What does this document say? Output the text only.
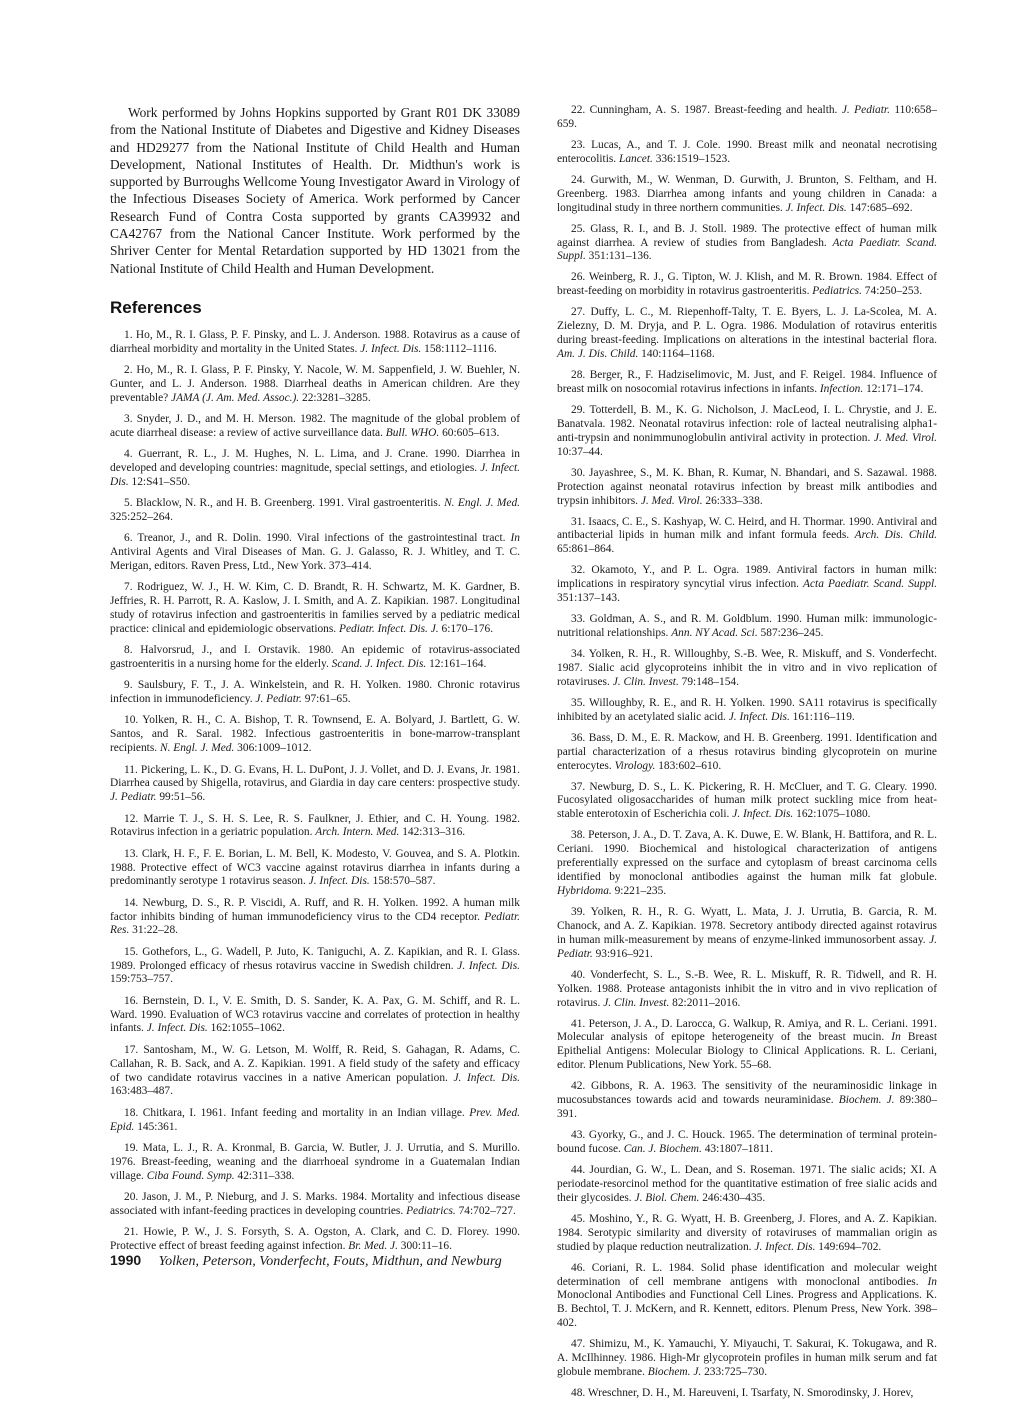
Work performed by Johns Hopkins supported by Grant R01 DK 33089 from the National Institute of Diabetes and Digestive and Kidney Diseases and HD29277 from the National Institute of Child Health and Human Development, National Institutes of Health. Dr. Midthun's work is supported by Burroughs Wellcome Young Investigator Award in Virology of the Infectious Diseases Society of America. Work performed by Cancer Research Fund of Contra Costa supported by grants CA39932 and CA42767 from the National Cancer Institute. Work performed by the Shriver Center for Mental Retardation supported by HD 13021 from the National Institute of Child Health and Human Development.

References

1. Ho, M., R. I. Glass, P. F. Pinsky, and L. J. Anderson. 1988. Rotavirus as a cause of diarrheal morbidity and mortality in the United States. J. Infect. Dis. 158:1112–1116.

2. Ho, M., R. I. Glass, P. F. Pinsky, Y. Nacole, W. M. Sappenfield, J. W. Buehler, N. Gunter, and L. J. Anderson. 1988. Diarrheal deaths in American children. Are they preventable? JAMA (J. Am. Med. Assoc.). 22:3281–3285.

3. Snyder, J. D., and M. H. Merson. 1982. The magnitude of the global problem of acute diarrheal disease: a review of active surveillance data. Bull. WHO. 60:605–613.

4. Guerrant, R. L., J. M. Hughes, N. L. Lima, and J. Crane. 1990. Diarrhea in developed and developing countries: magnitude, special settings, and etiologies. J. Infect. Dis. 12:S41–S50.

5. Blacklow, N. R., and H. B. Greenberg. 1991. Viral gastroenteritis. N. Engl. J. Med. 325:252–264.

6. Treanor, J., and R. Dolin. 1990. Viral infections of the gastrointestinal tract. In Antiviral Agents and Viral Diseases of Man. G. J. Galasso, R. J. Whitley, and T. C. Merigan, editors. Raven Press, Ltd., New York. 373–414.

7. Rodriguez, W. J., H. W. Kim, C. D. Brandt, R. H. Schwartz, M. K. Gardner, B. Jeffries, R. H. Parrott, R. A. Kaslow, J. I. Smith, and A. Z. Kapikian. 1987. Longitudinal study of rotavirus infection and gastroenteritis in families served by a pediatric medical practice: clinical and epidemiologic observations. Pediatr. Infect. Dis. J. 6:170–176.

8. Halvorsrud, J., and I. Orstavik. 1980. An epidemic of rotavirus-associated gastroenteritis in a nursing home for the elderly. Scand. J. Infect. Dis. 12:161–164.

9. Saulsbury, F. T., J. A. Winkelstein, and R. H. Yolken. 1980. Chronic rotavirus infection in immunodeficiency. J. Pediatr. 97:61–65.

10. Yolken, R. H., C. A. Bishop, T. R. Townsend, E. A. Bolyard, J. Bartlett, G. W. Santos, and R. Saral. 1982. Infectious gastroenteritis in bone-marrow-transplant recipients. N. Engl. J. Med. 306:1009–1012.

11. Pickering, L. K., D. G. Evans, H. L. DuPont, J. J. Vollet, and D. J. Evans, Jr. 1981. Diarrhea caused by Shigella, rotavirus, and Giardia in day care centers: prospective study. J. Pediatr. 99:51–56.

12. Marrie T. J., S. H. S. Lee, R. S. Faulkner, J. Ethier, and C. H. Young. 1982. Rotavirus infection in a geriatric population. Arch. Intern. Med. 142:313–316.

13. Clark, H. F., F. E. Borian, L. M. Bell, K. Modesto, V. Gouvea, and S. A. Plotkin. 1988. Protective effect of WC3 vaccine against rotavirus diarrhea in infants during a predominantly serotype 1 rotavirus season. J. Infect. Dis. 158:570–587.

14. Newburg, D. S., R. P. Viscidi, A. Ruff, and R. H. Yolken. 1992. A human milk factor inhibits binding of human immunodeficiency virus to the CD4 receptor. Pediatr. Res. 31:22–28.

15. Gothefors, L., G. Wadell, P. Juto, K. Taniguchi, A. Z. Kapikian, and R. I. Glass. 1989. Prolonged efficacy of rhesus rotavirus vaccine in Swedish children. J. Infect. Dis. 159:753–757.

16. Bernstein, D. I., V. E. Smith, D. S. Sander, K. A. Pax, G. M. Schiff, and R. L. Ward. 1990. Evaluation of WC3 rotavirus vaccine and correlates of protection in healthy infants. J. Infect. Dis. 162:1055–1062.

17. Santosham, M., W. G. Letson, M. Wolff, R. Reid, S. Gahagan, R. Adams, C. Callahan, R. B. Sack, and A. Z. Kapikian. 1991. A field study of the safety and efficacy of two candidate rotavirus vaccines in a native American population. J. Infect. Dis. 163:483–487.

18. Chitkara, I. 1961. Infant feeding and mortality in an Indian village. Prev. Med. Epid. 145:361.

19. Mata, L. J., R. A. Kronmal, B. Garcia, W. Butler, J. J. Urrutia, and S. Murillo. 1976. Breast-feeding, weaning and the diarrhoeal syndrome in a Guatemalan Indian village. Ciba Found. Symp. 42:311–338.

20. Jason, J. M., P. Nieburg, and J. S. Marks. 1984. Mortality and infectious disease associated with infant-feeding practices in developing countries. Pediatrics. 74:702–727.

21. Howie, P. W., J. S. Forsyth, S. A. Ogston, A. Clark, and C. D. Florey. 1990. Protective effect of breast feeding against infection. Br. Med. J. 300:11–16.

22. Cunningham, A. S. 1987. Breast-feeding and health. J. Pediatr. 110:658–659.

23. Lucas, A., and T. J. Cole. 1990. Breast milk and neonatal necrotising enterocolitis. Lancet. 336:1519–1523.

24. Gurwith, M., W. Wenman, D. Gurwith, J. Brunton, S. Feltham, and H. Greenberg. 1983. Diarrhea among infants and young children in Canada: a longitudinal study in three northern communities. J. Infect. Dis. 147:685–692.

25. Glass, R. I., and B. J. Stoll. 1989. The protective effect of human milk against diarrhea. A review of studies from Bangladesh. Acta Paediatr. Scand. Suppl. 351:131–136.

26. Weinberg, R. J., G. Tipton, W. J. Klish, and M. R. Brown. 1984. Effect of breast-feeding on morbidity in rotavirus gastroenteritis. Pediatrics. 74:250–253.

27. Duffy, L. C., M. Riepenhoff-Talty, T. E. Byers, L. J. La-Scolea, M. A. Zielezny, D. M. Dryja, and P. L. Ogra. 1986. Modulation of rotavirus enteritis during breast-feeding. Implications on alterations in the intestinal bacterial flora. Am. J. Dis. Child. 140:1164–1168.

28. Berger, R., F. Hadziselimovic, M. Just, and F. Reigel. 1984. Influence of breast milk on nosocomial rotavirus infections in infants. Infection. 12:171–174.

29. Totterdell, B. M., K. G. Nicholson, J. MacLeod, I. L. Chrystie, and J. E. Banatvala. 1982. Neonatal rotavirus infection: role of lacteal neutralising alpha1-anti-trypsin and nonimmunoglobulin antiviral activity in protection. J. Med. Virol. 10:37–44.

30. Jayashree, S., M. K. Bhan, R. Kumar, N. Bhandari, and S. Sazawal. 1988. Protection against neonatal rotavirus infection by breast milk antibodies and trypsin inhibitors. J. Med. Virol. 26:333–338.

31. Isaacs, C. E., S. Kashyap, W. C. Heird, and H. Thormar. 1990. Antiviral and antibacterial lipids in human milk and infant formula feeds. Arch. Dis. Child. 65:861–864.

32. Okamoto, Y., and P. L. Ogra. 1989. Antiviral factors in human milk: implications in respiratory syncytial virus infection. Acta Paediatr. Scand. Suppl. 351:137–143.

33. Goldman, A. S., and R. M. Goldblum. 1990. Human milk: immunologic-nutritional relationships. Ann. NY Acad. Sci. 587:236–245.

34. Yolken, R. H., R. Willoughby, S.-B. Wee, R. Miskuff, and S. Vonderfecht. 1987. Sialic acid glycoproteins inhibit the in vitro and in vivo replication of rotaviruses. J. Clin. Invest. 79:148–154.

35. Willoughby, R. E., and R. H. Yolken. 1990. SA11 rotavirus is specifically inhibited by an acetylated sialic acid. J. Infect. Dis. 161:116–119.

36. Bass, D. M., E. R. Mackow, and H. B. Greenberg. 1991. Identification and partial characterization of a rhesus rotavirus binding glycoprotein on murine enterocytes. Virology. 183:602–610.

37. Newburg, D. S., L. K. Pickering, R. H. McCluer, and T. G. Cleary. 1990. Fucosylated oligosaccharides of human milk protect suckling mice from heat-stable enterotoxin of Escherichia coli. J. Infect. Dis. 162:1075–1080.

38. Peterson, J. A., D. T. Zava, A. K. Duwe, E. W. Blank, H. Battifora, and R. L. Ceriani. 1990. Biochemical and histological characterization of antigens preferentially expressed on the surface and cytoplasm of breast carcinoma cells identified by monoclonal antibodies against the human milk fat globule. Hybridoma. 9:221–235.

39. Yolken, R. H., R. G. Wyatt, L. Mata, J. J. Urrutia, B. Garcia, R. M. Chanock, and A. Z. Kapikian. 1978. Secretory antibody directed against rotavirus in human milk-measurement by means of enzyme-linked immunosorbent assay. J. Pediatr. 93:916–921.

40. Vonderfecht, S. L., S.-B. Wee, R. L. Miskuff, R. R. Tidwell, and R. H. Yolken. 1988. Protease antagonists inhibit the in vitro and in vivo replication of rotavirus. J. Clin. Invest. 82:2011–2016.

41. Peterson, J. A., D. Larocca, G. Walkup, R. Amiya, and R. L. Ceriani. 1991. Molecular analysis of epitope heterogeneity of the breast mucin. In Breast Epithelial Antigens: Molecular Biology to Clinical Applications. R. L. Ceriani, editor. Plenum Publications, New York. 55–68.

42. Gibbons, R. A. 1963. The sensitivity of the neuraminosidic linkage in mucosubstances towards acid and towards neuraminidase. Biochem. J. 89:380–391.

43. Gyorky, G., and J. C. Houck. 1965. The determination of terminal protein-bound fucose. Can. J. Biochem. 43:1807–1811.

44. Jourdian, G. W., L. Dean, and S. Roseman. 1971. The sialic acids; XI. A periodate-resorcinol method for the quantitative estimation of free sialic acids and their glycosides. J. Biol. Chem. 246:430–435.

45. Moshino, Y., R. G. Wyatt, H. B. Greenberg, J. Flores, and A. Z. Kapikian. 1984. Serotypic similarity and diversity of rotaviruses of mammalian origin as studied by plaque reduction neutralization. J. Infect. Dis. 149:694–702.

46. Coriani, R. L. 1984. Solid phase identification and molecular weight determination of cell membrane antigens with monoclonal antibodies. In Monoclonal Antibodies and Functional Cell Lines. Progress and Applications. K. B. Bechtol, T. J. McKern, and R. Kennett, editors. Plenum Press, New York. 398–402.

47. Shimizu, M., K. Yamauchi, Y. Miyauchi, T. Sakurai, K. Tokugawa, and R. A. McIlhinney. 1986. High-Mr glycoprotein profiles in human milk serum and fat globule membrane. Biochem. J. 233:725–730.

48. Wreschner, D. H., M. Hareuveni, I. Tsarfaty, N. Smorodinsky, J. Horev,

1990 Yolken, Peterson, Vonderfecht, Fouts, Midthun, and Newburg
